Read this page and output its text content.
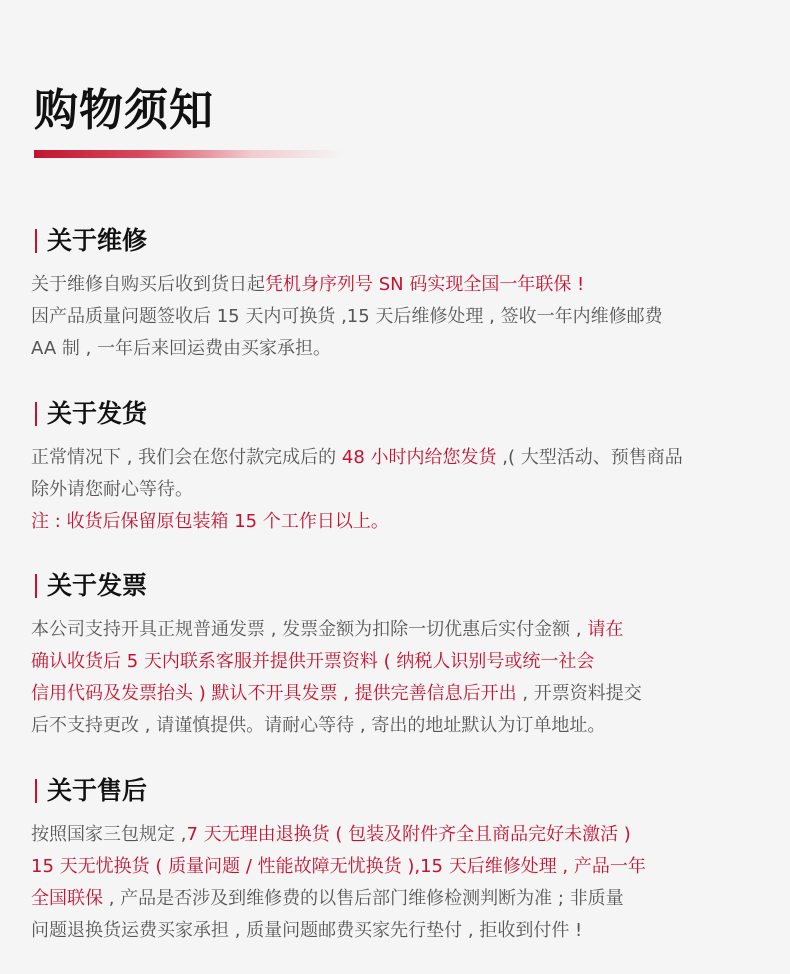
购物须知
关于维修
关于维修自购买后收到货日起凭机身序列号 SN 码实现全国一年联保 !
因产品质量问题签收后 15 天内可换货 ,15 天后维修处理 , 签收一年内维修邮费
AA 制 , 一年后来回运费由买家承担。
关于发货
正常情况下 , 我们会在您付款完成后的 48 小时内给您发货 ,( 大型活动、预售商品
除外请您耐心等待。
注 : 收货后保留原包装箱 15 个工作日以上。
关于发票
本公司支持开具正规普通发票 , 发票金额为扣除一切优惠后实付金额 , 请在
确认收货后 5 天内联系客服并提供开票资料 ( 纳税人识别号或统一社会
信用代码及发票抬头 ) 默认不开具发票 , 提供完善信息后开出 , 开票资料提交
后不支持更改 , 请谨慎提供。请耐心等待 , 寄出的地址默认为订单地址。
关于售后
按照国家三包规定 ,7 天无理由退换货 ( 包装及附件齐全且商品完好未激活 )
15 天无忧换货 ( 质量问题 / 性能故障无忧换货 ),15 天后维修处理 , 产品一年
全国联保 , 产品是否涉及到维修费的以售后部门维修检测判断为准 ; 非质量
问题退换货运费买家承担 , 质量问题邮费买家先行垫付 , 拒收到付件 !
